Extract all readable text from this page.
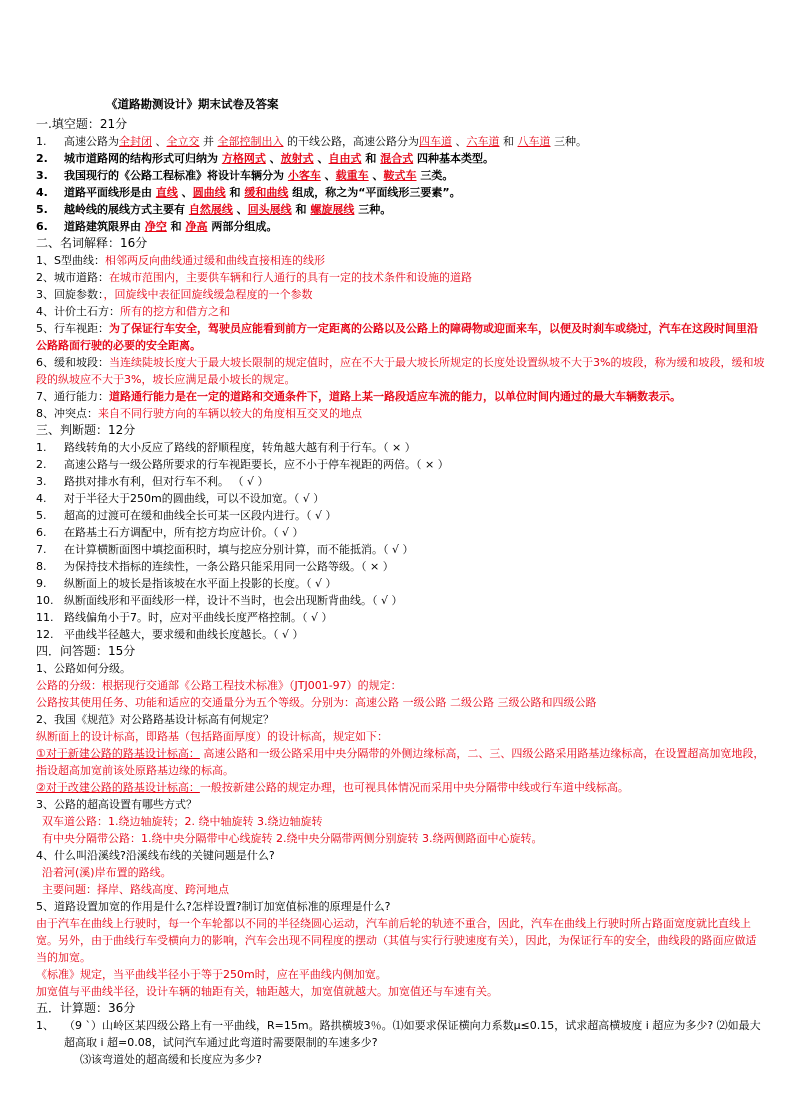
《道路勘测设计》期末试卷及答案
一.填空题：21分
1. 高速公路为全封闭 、全立交 并 全部控制出入 的干线公路，高速公路分为四车道 、六车道 和 八车道 三种。
2. 城市道路网的结构形式可归纳为 方格网式 、放射式 、自由式 和 混合式 四种基本类型。
3. 我国现行的《公路工程标准》将设计车辆分为 小客车 、载重车 、鞍式车 三类。
4. 道路平面线形是由 直线 、圆曲线 和 缓和曲线 组成，称之为“平面线形三要素”。
5. 越岭线的展线方式主要有 自然展线 、回头展线 和 螺旋展线 三种。
6. 道路建筑限界由 净空 和 净高 两部分组成。
二、名词解释：16分
1、S型曲线：相邻两反向曲线通过缓和曲线直接相连的线形
2、城市道路：在城市范围内，主要供车辆和行人通行的具有一定的技术条件和设施的道路
3、回旋参数：，回旋线中表征回旋线缓急程度的一个参数
4、计价土石方：所有的挖方和借方之和
5、行车视距：为了保证行车安全，驾驶员应能看到前方一定距离的公路以及公路上的障碍物或迎面来车，以便及时刹车或绕过，汽车在这段时间里沿公路路面行驶的必要的安全距离。
6、缓和坡段：当连续陡坡长度大于最大坡长限制的规定值时，应在不大于最大坡长所规定的长度处设置纵坡不大于3%的坡段，称为缓和坡段，缓和坡段的纵坡应不大于3%，坡长应满足最小坡长的规定。
7、通行能力：道路通行能力是在一定的道路和交通条件下，道路上某一路段适应车流的能力，以单位时间内通过的最大车辆数表示。
8、冲突点：来自不同行驶方向的车辆以较大的角度相互交叉的地点
三、判断题：12分
1. 路线转角的大小反应了路线的舒顺程度，转角越大越有利于行车。（ × ）
2. 高速公路与一级公路所要求的行车视距要长，应不小于停车视距的两倍。（ × ）
3. 路拱对排水有利，但对行车不利。 （ √ ）
4. 对于半径大于250m的圆曲线，可以不设加宽。（ √ ）
5. 超高的过渡可在缓和曲线全长可某一区段内进行。（ √ ）
6. 在路基土石方调配中，所有挖方均应计价。（ √ ）
7. 在计算横断面图中填挖面积时，填与挖应分别计算，而不能抵消。（ √ ）
8. 为保持技术指标的连续性，一条公路只能采用同一公路等级。（ × ）
9. 纵断面上的坡长是指该坡在水平面上投影的长度。（ √ ）
10. 纵断面线形和平面线形一样，设计不当时，也会出现断背曲线。（ √ ）
11. 路线偏角小于7。时，应对平曲线长度严格控制。（ √ ）
12. 平曲线半径越大，要求缓和曲线长度越长。（ √ ）
四．问答题：15分
1、公路如何分级。
公路的分级：根据现行交通部《公路工程技术标准》（JTJ001-97）的规定：
公路按其使用任务、功能和适应的交通量分为五个等级。分别为：高速公路 一级公路 二级公路 三级公路和四级公路
2、我国《规范》对公路路基设计标高有何规定？
纵断面上的设计标高，即路基（包括路面厚度）的设计标高，规定如下：
①对于新建公路的路基设计标高： 高速公路和一级公路采用中央分隔带的外侧边缘标高，二、三、四级公路采用路基边缘标高，在设置超高加宽地段，指设超高加宽前该处原路基边缘的标高。
②对于改建公路的路基设计标高：一般按新建公路的规定办理，也可视具体情况而采用中央分隔带中线或行车道中线标高。
3、公路的超高设置有哪些方式？
双车道公路：1.绕边轴旋转；2. 绕中轴旋转 3.绕边轴旋转
有中央分隔带公路：1.绕中央分隔带中心线旋转 2.绕中央分隔带两侧分别旋转 3.绕两侧路面中心旋转。
4、什么叫沿溪线?沿溪线布线的关键问题是什么?
沿着河(溪)岸布置的路线。
主要问题：择岸、路线高度、跨河地点
5、道路设置加宽的作用是什么?怎样设置?制订加宽值标准的原理是什么?
由于汽车在曲线上行驶时，每一个车轮都以不同的半径绕圆心运动，汽车前后轮的轨迹不重合，因此，汽车在曲线上行驶时所占路面宽度就比直线上宽。另外，由于曲线行车受横向力的影响，汽车会出现不同程度的摆动（其值与实行行驶速度有关），因此，为保证行车的安全，曲线段的路面应做适当的加宽。
《标准》规定，当平曲线半径小于等于250m时，应在平曲线内侧加宽。
加宽值与平曲线半径，设计车辆的轴距有关，轴距越大，加宽值就越大。加宽值还与车速有关。
五．计算题：36分
1、 （9 `）山岭区某四级公路上有一平曲线，R=15m。路拱横坡3％。⑴如要求保证横向力系数μ≤0.15，试求超高横坡度 i 超应为多少? ⑵如最大超高取 i 超=0.08，试问汽车通过此弯道时需要限制的车速多少?
⑶该弯道处的超高缓和长度应为多少?
